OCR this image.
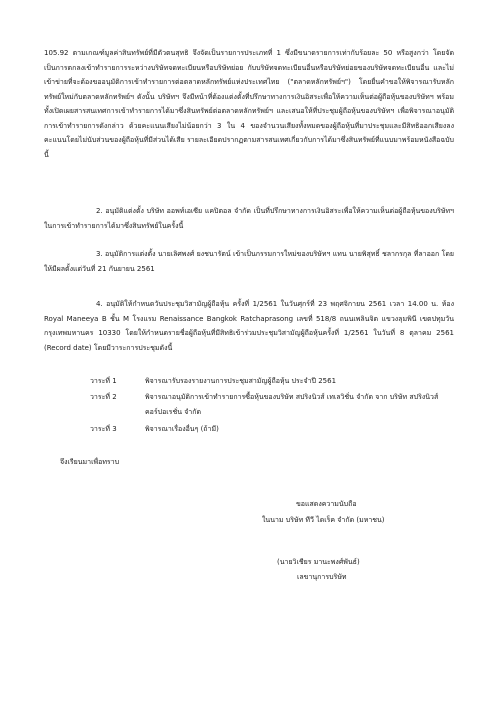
105.92 ตามเกณฑ์มูลค่าสินทรัพย์ที่มีตัวตนสุทธิ จึงจัดเป็นรายการประเภทที่ 1 ซึ่งมีขนาดรายการเท่ากับร้อยละ 50 หรือสูงกว่า โดยจัดเป็นการตกลงเข้าทำรายการระหว่างบริษัทจดทะเบียนหรือบริษัทย่อย กับบริษัทจดทะเบียนอื่นหรือบริษัทย่อยของบริษัทจดทะเบียนอื่น และไม่เข้าข่ายที่จะต้องขออนุมัติการเข้าทำรายการต่อตลาดหลักทรัพย์แห่งประเทศไทย ("ตลาดหลักทรัพย์ฯ") โดยยื่นคำขอให้พิจารณารับหลักทรัพย์ใหม่กับตลาดหลักทรัพย์ฯ ดังนั้น บริษัทฯ จึงมีหน้าที่ต้องแต่งตั้งที่ปรึกษาทางการเงินอิสระเพื่อให้ความเห็นต่อผู้ถือหุ้นของบริษัทฯ พร้อมทั้งเปิดเผยสารสนเทศการเข้าทำรายการได้มาซึ่งสินทรัพย์ต่อตลาดหลักทรัพย์ฯ และเสนอให้ที่ประชุมผู้ถือหุ้นของบริษัทฯ เพื่อพิจารณาอนุมัติการเข้าทำรายการดังกล่าว ด้วยคะแนนเสียงไม่น้อยกว่า 3 ใน 4 ของจำนวนเสียงทั้งหมดของผู้ถือหุ้นที่มาประชุมและมีสิทธิออกเสียงลงคะแนนโดยไม่นับส่วนของผู้ถือหุ้นที่มีส่วนได้เสีย รายละเอียดปรากฏตามสารสนเทศเกี่ยวกับการได้มาซึ่งสินทรัพย์ที่แนบมาพร้อมหนังสือฉบับนี้

2. อนุมัติแต่งตั้ง บริษัท ออพท์เอเซีย แคปิตอล จำกัด เป็นที่ปรึกษาทางการเงินอิสระเพื่อให้ความเห็นต่อผู้ถือหุ้นของบริษัทฯ ในการเข้าทำรายการได้มาซึ่งสินทรัพย์ในครั้งนี้

3. อนุมัติการแต่งตั้ง นายเลิศพงศ์ ยงชนารัตน์ เข้าเป็นกรรมการใหม่ของบริษัทฯ แทน นายพิสุทธิ์ ชลากรกุล ที่ลาออก โดยให้มีผลตั้งแต่วันที่ 21 กันยายน 2561

4. อนุมัติให้กำหนดวันประชุมวิสามัญผู้ถือหุ้น ครั้งที่ 1/2561 ในวันศุกร์ที่ 23 พฤศจิกายน 2561 เวลา 14.00 น. ห้อง Royal Maneeya B ชั้น M โรงแรม Renaissance Bangkok Ratchaprasong เลขที่ 518/8 ถนนเพลินจิต แขวงลุมพินี เขตปทุมวัน กรุงเทพมหานคร 10330 โดยให้กำหนดรายชื่อผู้ถือหุ้นที่มีสิทธิเข้าร่วมประชุมวิสามัญผู้ถือหุ้นครั้งที่ 1/2561 ในวันที่ 8 ตุลาคม 2561 (Record date) โดยมีวาระการประชุมดังนี้

วาระที่ 1	พิจารณารับรองรายงานการประชุมสามัญผู้ถือหุ้น ประจำปี 2561
วาระที่ 2	พิจารณาอนุมัติการเข้าทำรายการซื้อหุ้นของบริษัท สปริงนิวส์ เทเลวิชั่น จำกัด จาก บริษัท สปริงนิวส์ คอร์ปอเรชั่น จำกัด
วาระที่ 3	พิจารณาเรื่องอื่นๆ (ถ้ามี)
จึงเรียนมาเพื่อทราบ
ขอแสดงความนับถือ
ในนาม บริษัท ทีวี ไดเร็ค จำกัด (มหาชน)
(นายวิเชียร มานะพงศ์พันธ์)
เลขานุการบริษัท
